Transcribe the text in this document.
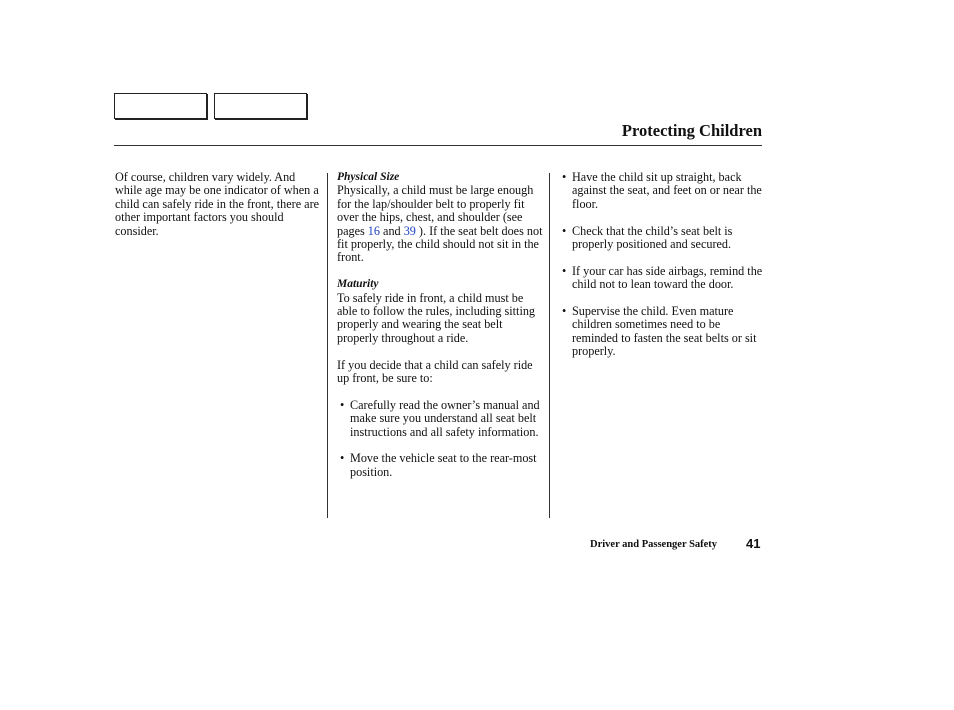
Protecting Children

Of course, children vary widely. And while age may be one indicator of when a child can safely ride in the front, there are other important factors you should consider.

Physical Size
Physically, a child must be large enough for the lap/shoulder belt to properly fit over the hips, chest, and shoulder (see pages 16 and 39 ). If the seat belt does not fit properly, the child should not sit in the front.

Maturity
To safely ride in front, a child must be able to follow the rules, including sitting properly and wearing the seat belt properly throughout a ride.

If you decide that a child can safely ride up front, be sure to:

• Carefully read the owner’s manual and make sure you understand all seat belt instructions and all safety information.
• Move the vehicle seat to the rear-most position.
• Have the child sit up straight, back against the seat, and feet on or near the floor.
• Check that the child’s seat belt is properly positioned and secured.
• If your car has side airbags, remind the child not to lean toward the door.
• Supervise the child. Even mature children sometimes need to be reminded to fasten the seat belts or sit properly.
Driver and Passenger Safety 41
